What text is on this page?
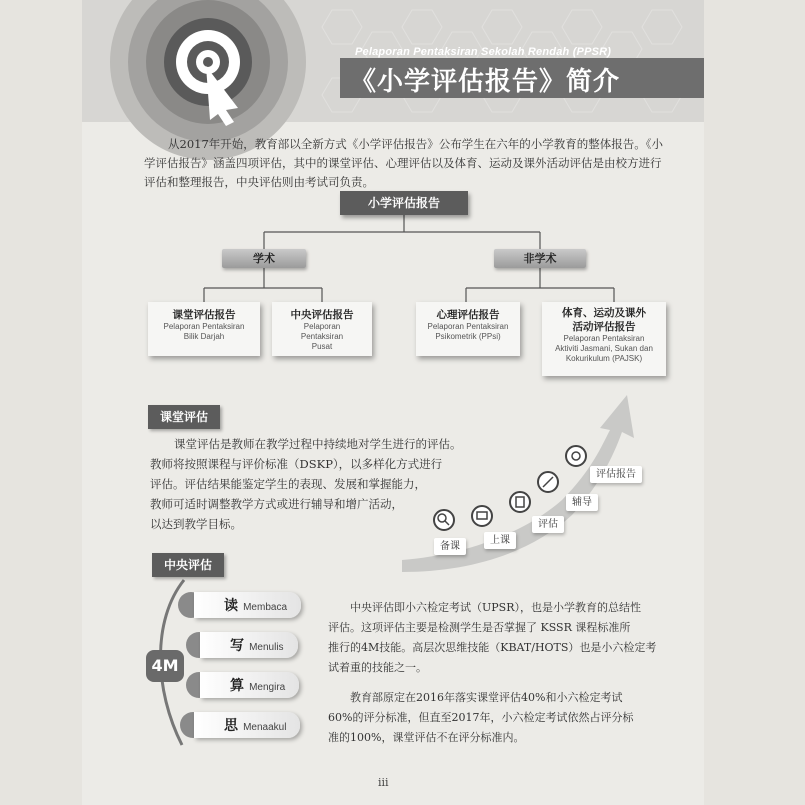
Pelaporan Pentaksiran Sekolah Rendah (PPSR)
《小学评估报告》简介

从2017年开始，教育部以全新方式《小学评估报告》公布学生在六年的小学教育的整体报告。《小学评估报告》涵盖四项评估，其中的课堂评估、心理评估以及体育、运动及课外活动评估是由校方进行评估和整理报告，中央评估则由考试司负责。

小学评估报告
学术	非学术
课堂评估报告
Pelaporan Pentaksiran Bilik Darjah
中央评估报告
Pelaporan Pentaksiran Pusat
心理评估报告
Pelaporan Pentaksiran Psikometrik (PPsi)
体育、运动及课外活动评估报告
Pelaporan Pentaksiran Aktiviti Jasmani, Sukan dan Kokurikulum (PAJSK)
课堂评估

课堂评估是教师在教学过程中持续地对学生进行的评估。

教师将按照课程与评价标准（DSKP），以多样化方式进行

评估。评估结果能鉴定学生的表现、发展和掌握能力，

教师可适时调整教学方式或进行辅导和增广活动，

以达到教学目标。

备课
上课
评估
辅导
评估报告
中央评估
4M
读 Membaca
写 Menulis
算 Mengira
思 Menaakul

中央评估即小六检定考试（UPSR），也是小学教育的总结性

评估。这项评估主要是检测学生是否掌握了 KSSR 课程标准所

推行的4M技能。高层次思维技能（KBAT/HOTS）也是小六检定考

试着重的技能之一。

教育部原定在2016年落实课堂评估40%和小六检定考试

60%的评分标准，但直至2017年，小六检定考试依然占评分标

准的100%，课堂评估不在评分标准内。

iii
